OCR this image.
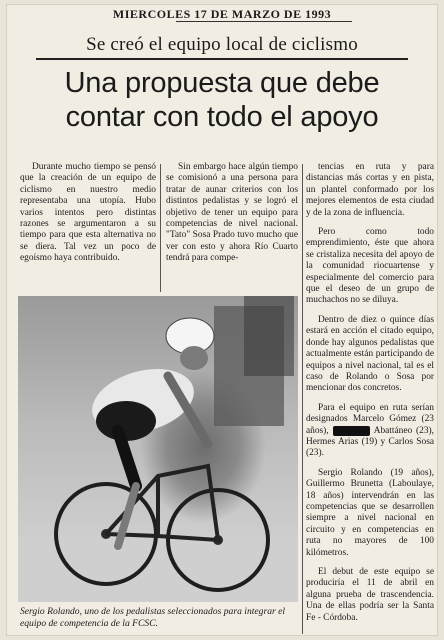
MIERCOLES 17 DE MARZO DE 1993
Se creó el equipo local de ciclismo
Una propuesta que debe
contar con todo el apoyo

Durante mucho tiempo se pensó que la creación de un equipo de ciclismo en nuestro medio representaba una utopía. Hubo varios intentos pero distintas razones se argumentaron a su tiempo para que esta alternativa no se diera. Tal vez un poco de egoísmo haya contribuido.

Sin embargo hace algún tiempo se comisionó a una persona para tratar de aunar criterios con los distintos pedalistas y se logró el objetivo de tener un equipo para competencias de nivel nacional. "Tato" Sosa Prado tuvo mucho que ver con esto y ahora Río Cuarto tendrá para compe-

tencias en ruta y para distancias más cortas y en pista, un plantel conformado por los mejores elementos de esta ciudad y de la zona de influencia.

Pero como todo emprendimiento, éste que ahora se cristaliza necesita del apoyo de la comunidad riocuartense y especialmente del comercio para que el deseo de un grupo de muchachos no se diluya.

Dentro de diez o quince días estará en acción el citado equipo, donde hay algunos pedalistas que actualmente están participando de equipos a nivel nacional, tal es el caso de Rolando o Sosa por mencionar dos concretos.

Para el equipo en ruta serían designados Marcelo Gómez (23 años), XXXXX Abattáneo (23), Hermes Arias (19) y Carlos Sosa (23).

Sergio Rolando (19 años), Guillermo Brunetta (Laboulaye, 18 años) intervendrán en las competencias que se desarrollen siempre a nivel nacional en circuito y en competencias en ruta no mayores de 100 kilómetros.

El debut de este equipo se produciría el 11 de abril en alguna prueba de trascendencia. Una de ellas podría ser la Santa Fe - Córdoba.

Sergio Rolando, uno de los pedalistas seleccionados para integrar el equipo de competencia de la FCSC.
